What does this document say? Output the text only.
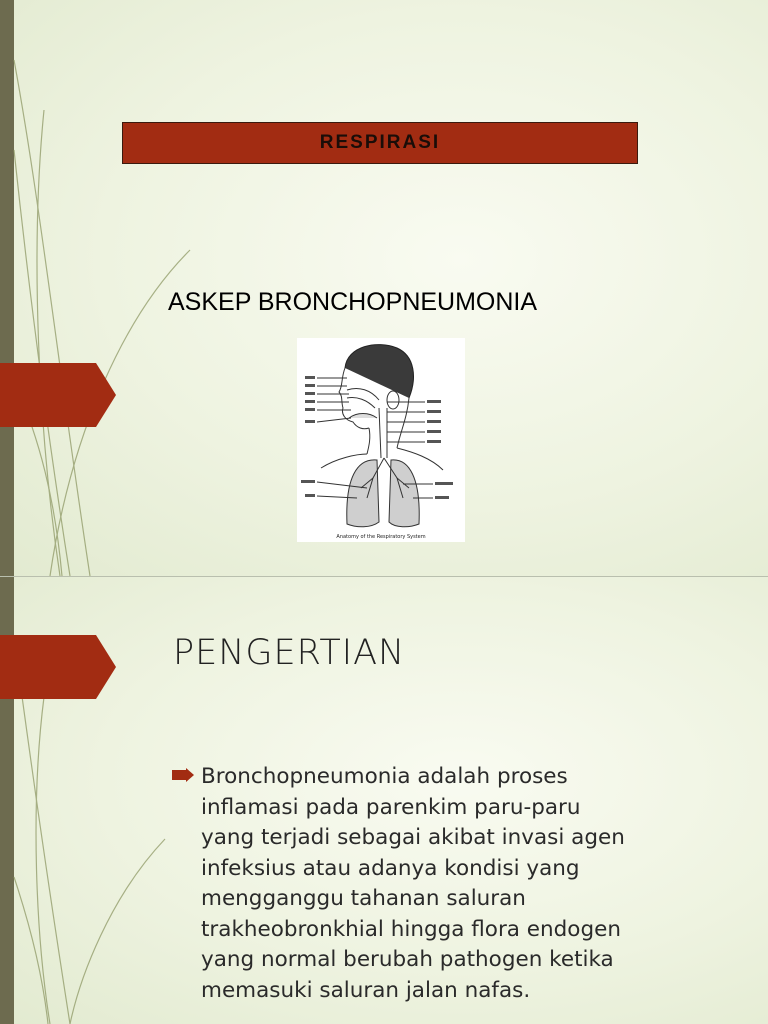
RESPIRASI
ASKEP BRONCHOPNEUMONIA
Anatomy of the Respiratory System
PENGERTIAN
Bronchopneumonia adalah proses
inflamasi pada parenkim paru-paru
yang terjadi sebagai akibat invasi agen
infeksius atau adanya kondisi yang
mengganggu tahanan saluran
trakheobronkhial hingga flora endogen
yang normal berubah pathogen ketika
memasuki saluran jalan nafas.
